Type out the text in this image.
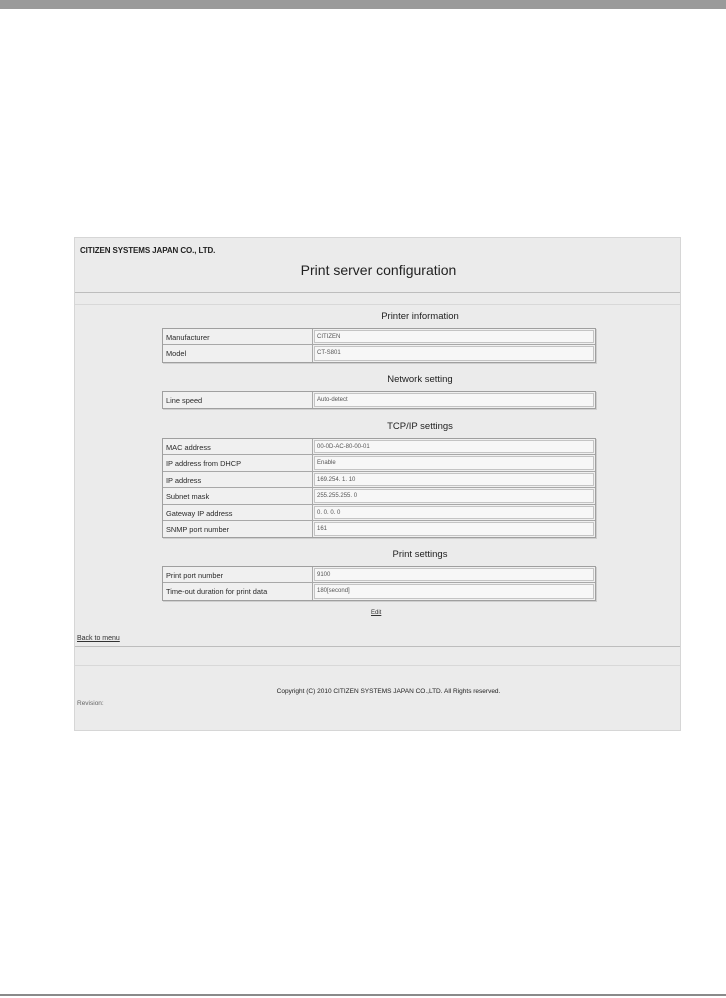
CITIZEN SYSTEMS JAPAN CO., LTD.
Print server configuration
Printer information
Manufacturer	CITIZEN
Model	CT-S801
Network setting
Line speed	Auto-detect
TCP/IP settings
MAC address	00-0D-AC-80-00-01
IP address from DHCP	Enable
IP address	169.254. 1. 10
Subnet mask	255.255.255. 0
Gateway IP address	0. 0. 0. 0
SNMP port number	161
Print settings
Print port number	9100
Time-out duration for print data	180[second]
Edit
Back to menu
Copyright (C) 2010 CITIZEN SYSTEMS JAPAN CO.,LTD. All Rights reserved.
Revision:
